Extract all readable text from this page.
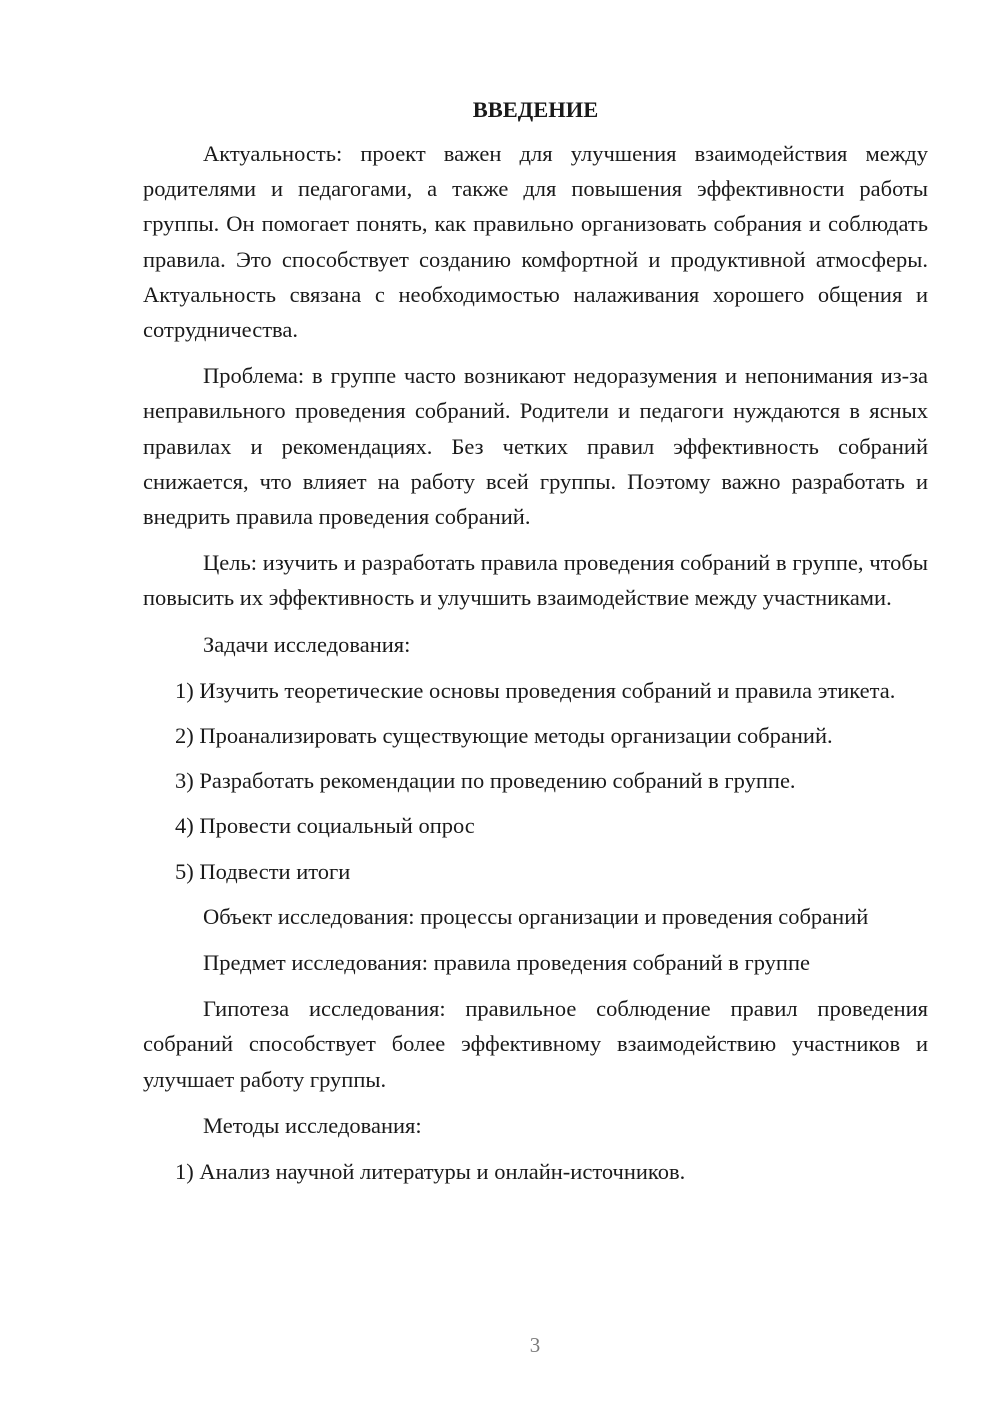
ВВЕДЕНИЕ

Актуальность: проект важен для улучшения взаимодействия между родителями и педагогами, а также для повышения эффективности работы группы. Он помогает понять, как правильно организовать собрания и соблюдать правила. Это способствует созданию комфортной и продуктивной атмосферы. Актуальность связана с необходимостью налаживания хорошего общения и сотрудничества.

Проблема: в группе часто возникают недоразумения и непонимания из-за неправильного проведения собраний. Родители и педагоги нуждаются в ясных правилах и рекомендациях. Без четких правил эффективность собраний снижается, что влияет на работу всей группы. Поэтому важно разработать и внедрить правила проведения собраний.

Цель: изучить и разработать правила проведения собраний в группе, чтобы повысить их эффективность и улучшить взаимодействие между участниками.

Задачи исследования:

1) Изучить теоретические основы проведения собраний и правила этикета.

2) Проанализировать существующие методы организации собраний.

3) Разработать рекомендации по проведению собраний в группе.

4) Провести социальный опрос

5) Подвести итоги

Объект исследования: процессы организации и проведения собраний

Предмет исследования: правила проведения собраний в группе

Гипотеза исследования: правильное соблюдение правил проведения собраний способствует более эффективному взаимодействию участников и улучшает работу группы.

Методы исследования:

1) Анализ научной литературы и онлайн-источников.

3
